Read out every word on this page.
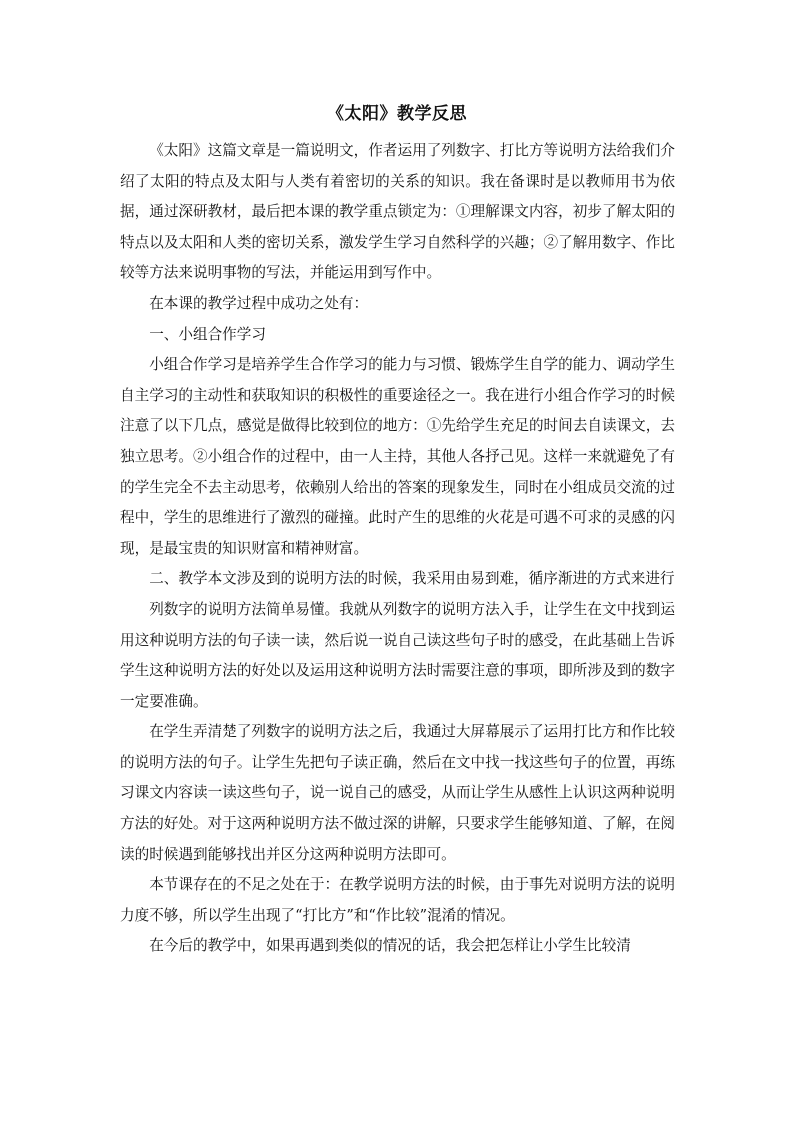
《太阳》教学反思

《太阳》这篇文章是一篇说明文，作者运用了列数字、打比方等说明方法给我们介绍了太阳的特点及太阳与人类有着密切的关系的知识。我在备课时是以教师用书为依据，通过深研教材，最后把本课的教学重点锁定为：①理解课文内容，初步了解太阳的特点以及太阳和人类的密切关系，激发学生学习自然科学的兴趣；②了解用数字、作比较等方法来说明事物的写法，并能运用到写作中。

在本课的教学过程中成功之处有：

一、小组合作学习

小组合作学习是培养学生合作学习的能力与习惯、锻炼学生自学的能力、调动学生自主学习的主动性和获取知识的积极性的重要途径之一。我在进行小组合作学习的时候注意了以下几点，感觉是做得比较到位的地方：①先给学生充足的时间去自读课文，去独立思考。②小组合作的过程中，由一人主持，其他人各抒己见。这样一来就避免了有的学生完全不去主动思考，依赖别人给出的答案的现象发生，同时在小组成员交流的过程中，学生的思维进行了激烈的碰撞。此时产生的思维的火花是可遇不可求的灵感的闪现，是最宝贵的知识财富和精神财富。

二、教学本文涉及到的说明方法的时候，我采用由易到难，循序渐进的方式来进行

列数字的说明方法简单易懂。我就从列数字的说明方法入手，让学生在文中找到运用这种说明方法的句子读一读，然后说一说自己读这些句子时的感受，在此基础上告诉学生这种说明方法的好处以及运用这种说明方法时需要注意的事项，即所涉及到的数字一定要准确。

在学生弄清楚了列数字的说明方法之后，我通过大屏幕展示了运用打比方和作比较的说明方法的句子。让学生先把句子读正确，然后在文中找一找这些句子的位置，再练习课文内容读一读这些句子，说一说自己的感受，从而让学生从感性上认识这两种说明方法的好处。对于这两种说明方法不做过深的讲解，只要求学生能够知道、了解，在阅读的时候遇到能够找出并区分这两种说明方法即可。

本节课存在的不足之处在于：在教学说明方法的时候，由于事先对说明方法的说明力度不够，所以学生出现了“打比方”和“作比较”混淆的情况。

在今后的教学中，如果再遇到类似的情况的话，我会把怎样让小学生比较清
